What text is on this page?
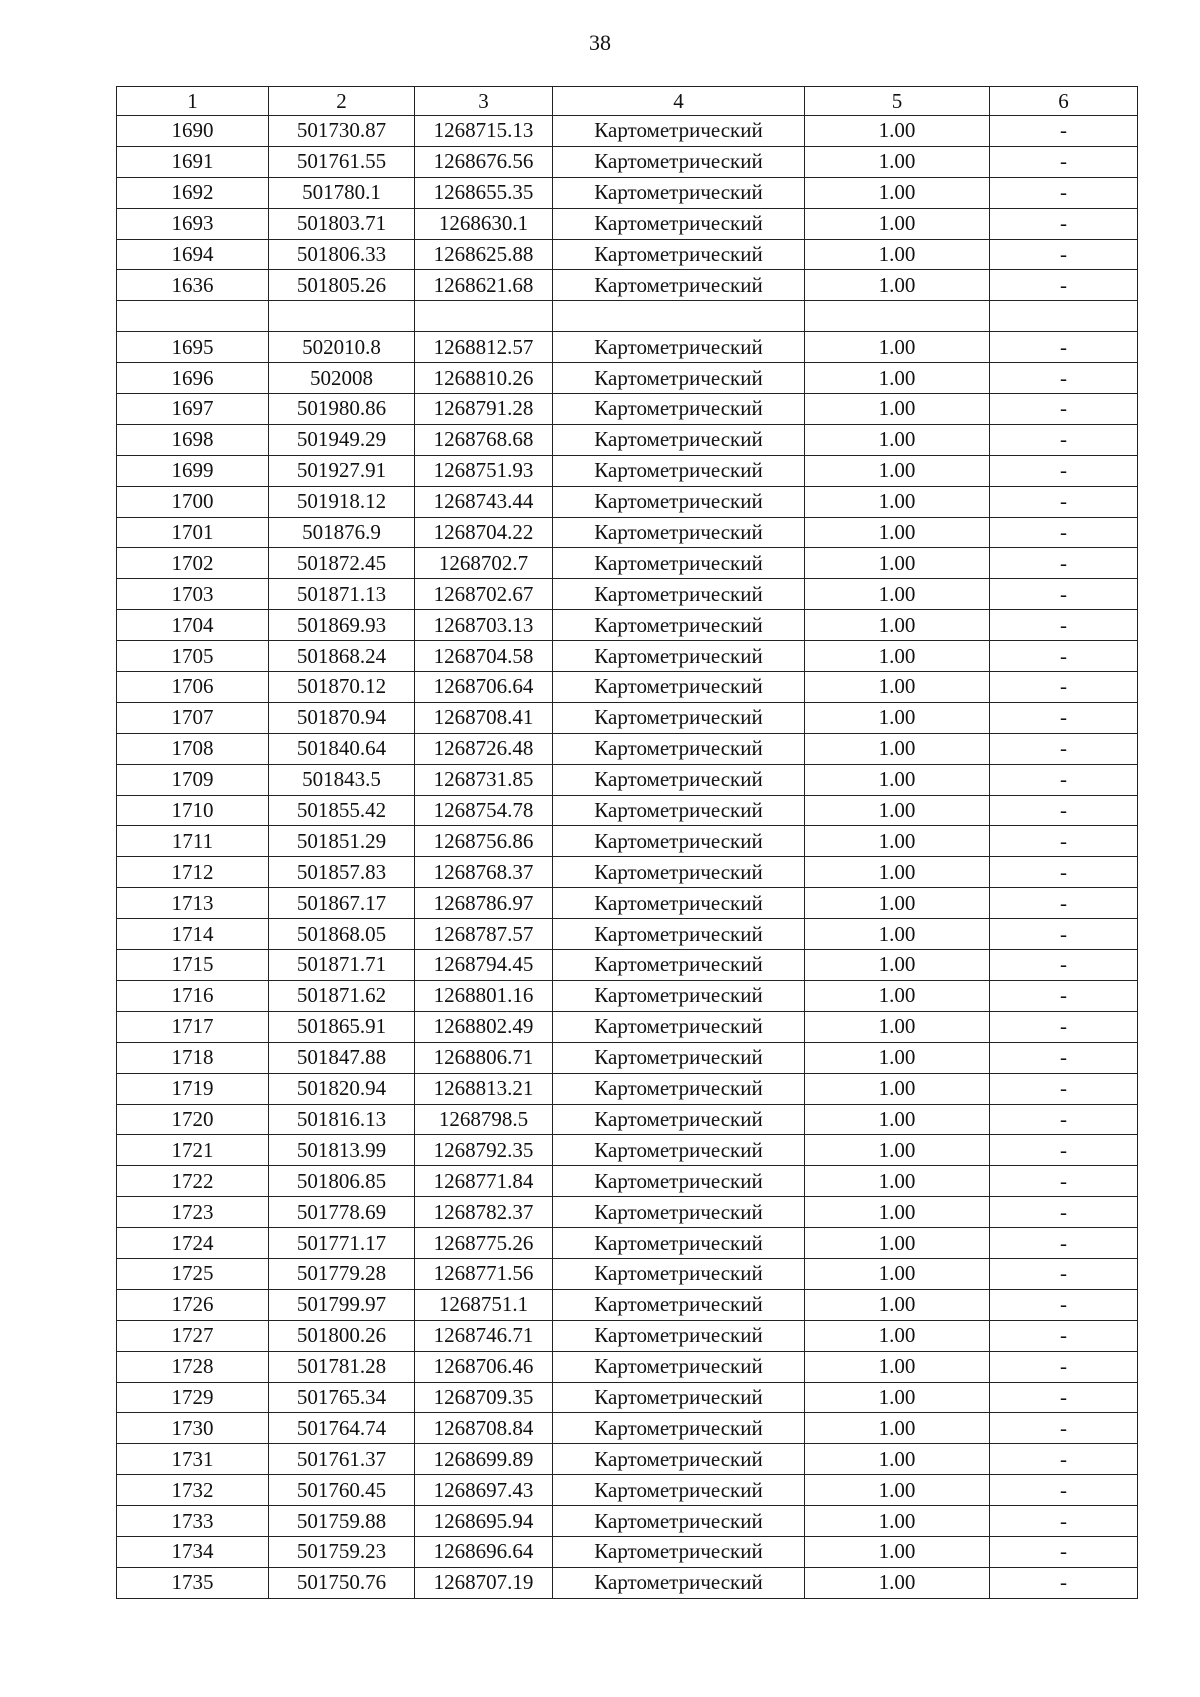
38
1	2	3	4	5	6
1690	501730.87	1268715.13	Картометрический	1.00	-
1691	501761.55	1268676.56	Картометрический	1.00	-
1692	501780.1	1268655.35	Картометрический	1.00	-
1693	501803.71	1268630.1	Картометрический	1.00	-
1694	501806.33	1268625.88	Картометрический	1.00	-
1636	501805.26	1268621.68	Картометрический	1.00	-

1695	502010.8	1268812.57	Картометрический	1.00	-
1696	502008	1268810.26	Картометрический	1.00	-
1697	501980.86	1268791.28	Картометрический	1.00	-
1698	501949.29	1268768.68	Картометрический	1.00	-
1699	501927.91	1268751.93	Картометрический	1.00	-
1700	501918.12	1268743.44	Картометрический	1.00	-
1701	501876.9	1268704.22	Картометрический	1.00	-
1702	501872.45	1268702.7	Картометрический	1.00	-
1703	501871.13	1268702.67	Картометрический	1.00	-
1704	501869.93	1268703.13	Картометрический	1.00	-
1705	501868.24	1268704.58	Картометрический	1.00	-
1706	501870.12	1268706.64	Картометрический	1.00	-
1707	501870.94	1268708.41	Картометрический	1.00	-
1708	501840.64	1268726.48	Картометрический	1.00	-
1709	501843.5	1268731.85	Картометрический	1.00	-
1710	501855.42	1268754.78	Картометрический	1.00	-
1711	501851.29	1268756.86	Картометрический	1.00	-
1712	501857.83	1268768.37	Картометрический	1.00	-
1713	501867.17	1268786.97	Картометрический	1.00	-
1714	501868.05	1268787.57	Картометрический	1.00	-
1715	501871.71	1268794.45	Картометрический	1.00	-
1716	501871.62	1268801.16	Картометрический	1.00	-
1717	501865.91	1268802.49	Картометрический	1.00	-
1718	501847.88	1268806.71	Картометрический	1.00	-
1719	501820.94	1268813.21	Картометрический	1.00	-
1720	501816.13	1268798.5	Картометрический	1.00	-
1721	501813.99	1268792.35	Картометрический	1.00	-
1722	501806.85	1268771.84	Картометрический	1.00	-
1723	501778.69	1268782.37	Картометрический	1.00	-
1724	501771.17	1268775.26	Картометрический	1.00	-
1725	501779.28	1268771.56	Картометрический	1.00	-
1726	501799.97	1268751.1	Картометрический	1.00	-
1727	501800.26	1268746.71	Картометрический	1.00	-
1728	501781.28	1268706.46	Картометрический	1.00	-
1729	501765.34	1268709.35	Картометрический	1.00	-
1730	501764.74	1268708.84	Картометрический	1.00	-
1731	501761.37	1268699.89	Картометрический	1.00	-
1732	501760.45	1268697.43	Картометрический	1.00	-
1733	501759.88	1268695.94	Картометрический	1.00	-
1734	501759.23	1268696.64	Картометрический	1.00	-
1735	501750.76	1268707.19	Картометрический	1.00	-
